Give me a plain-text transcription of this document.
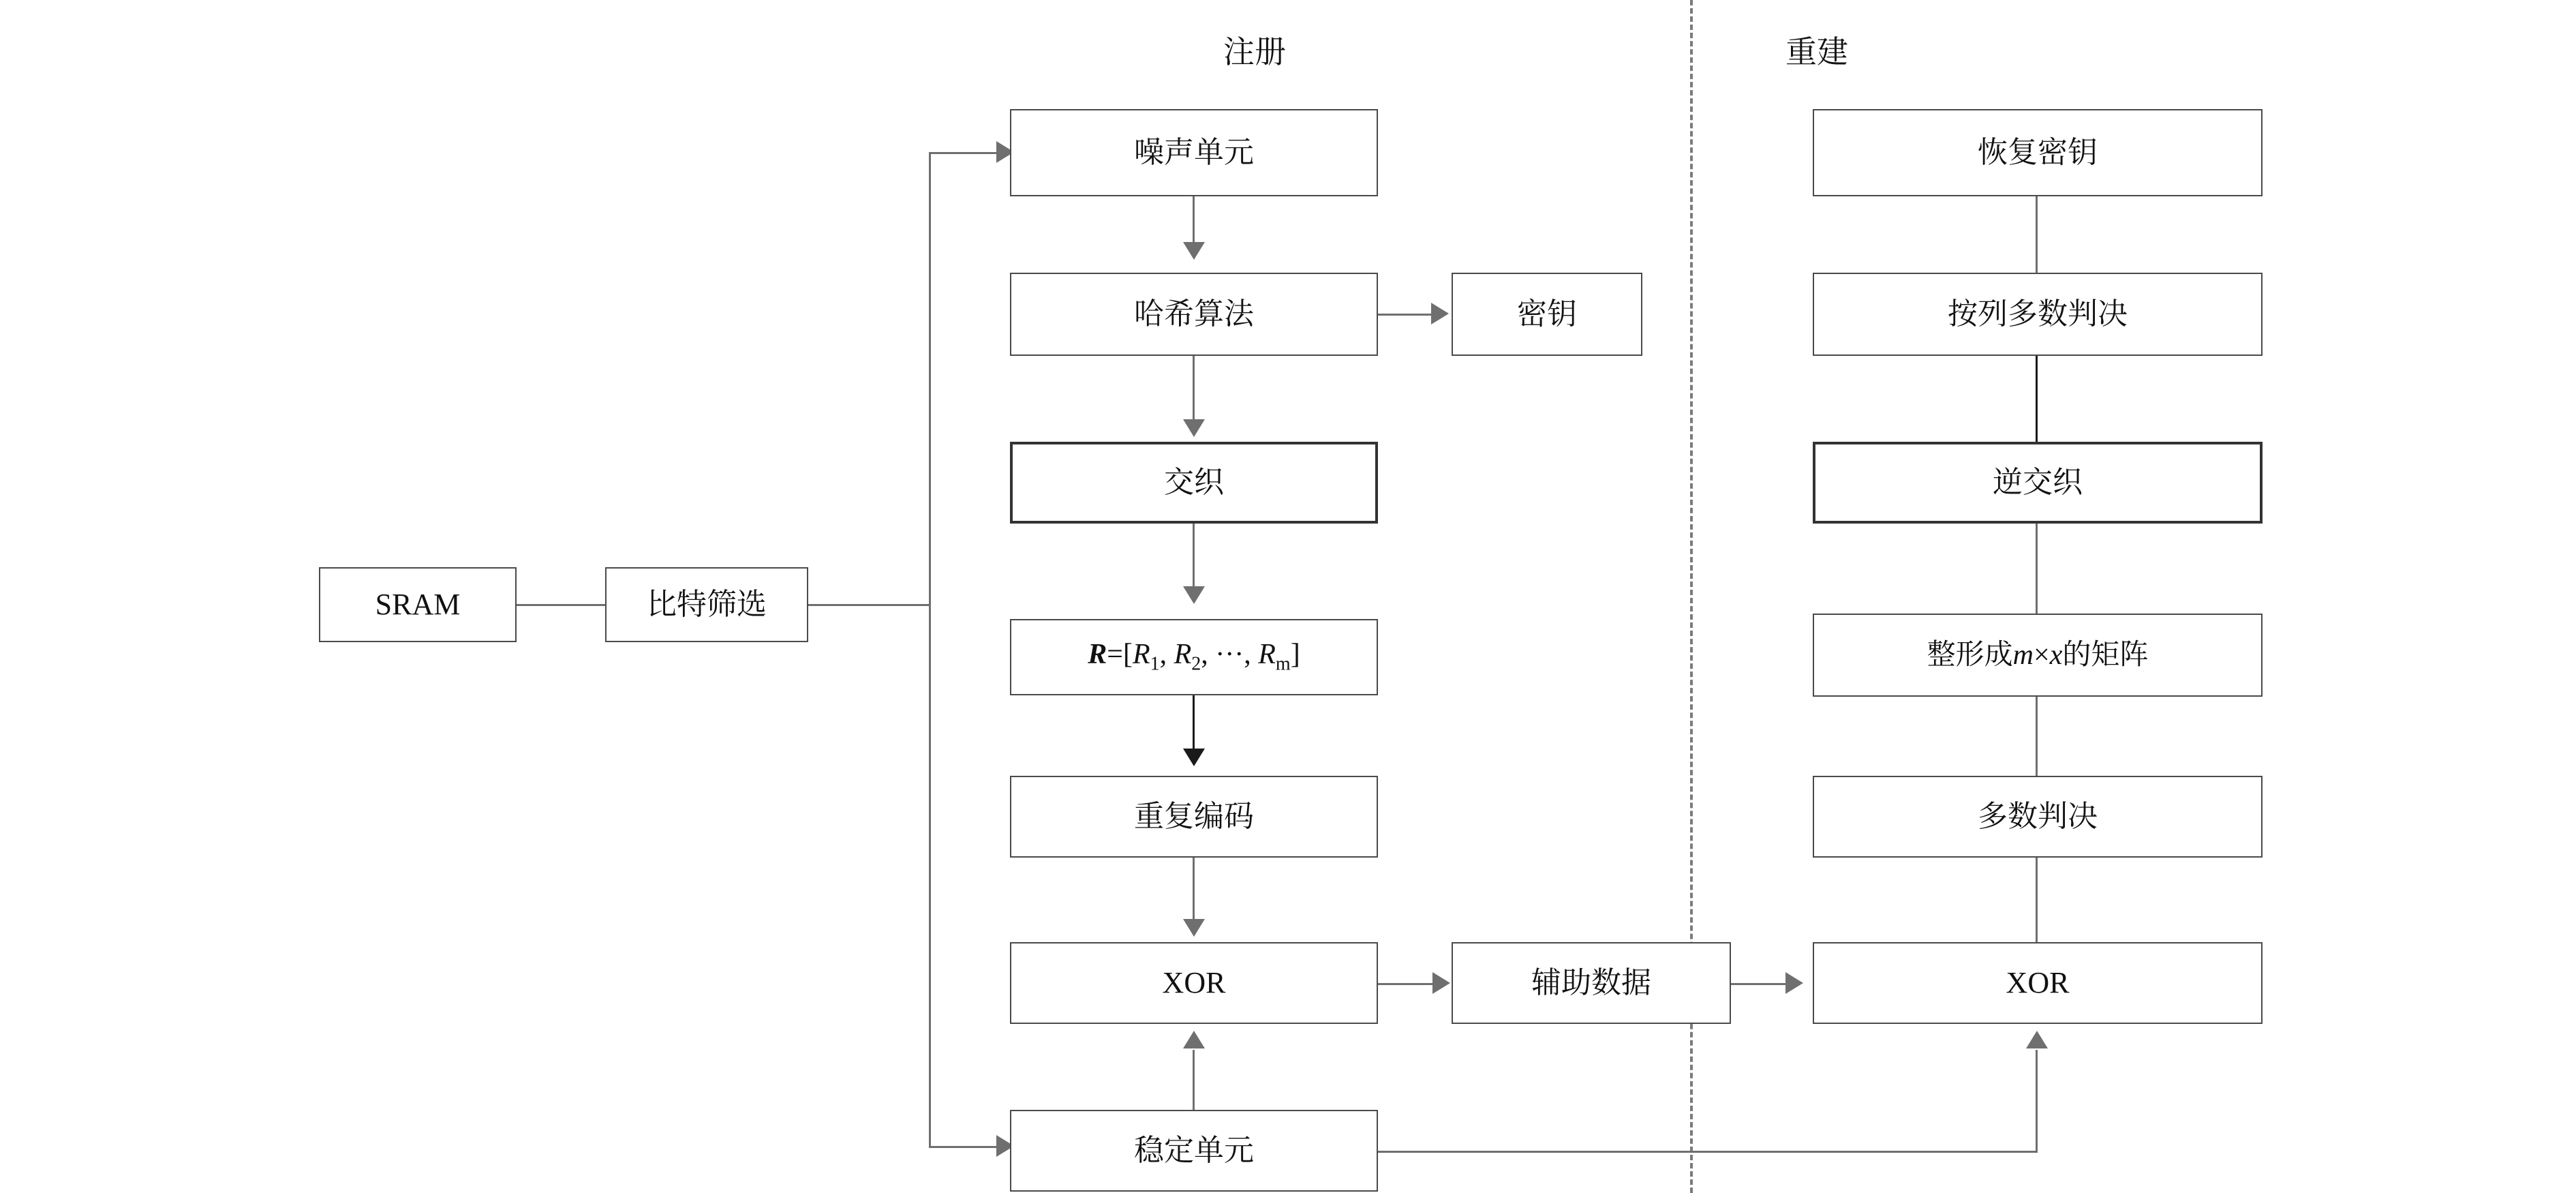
注册	重建
SRAM	比特筛选
噪声单元
哈希算法	密钥
交织
$R=[R_1$, $R_2$, ···, $R_m$]
重复编码
XOR
稳定单元
辅助数据	XOR
多数判决
整形成m×x的矩阵
逆交织
按列多数判决
恢复密钥
